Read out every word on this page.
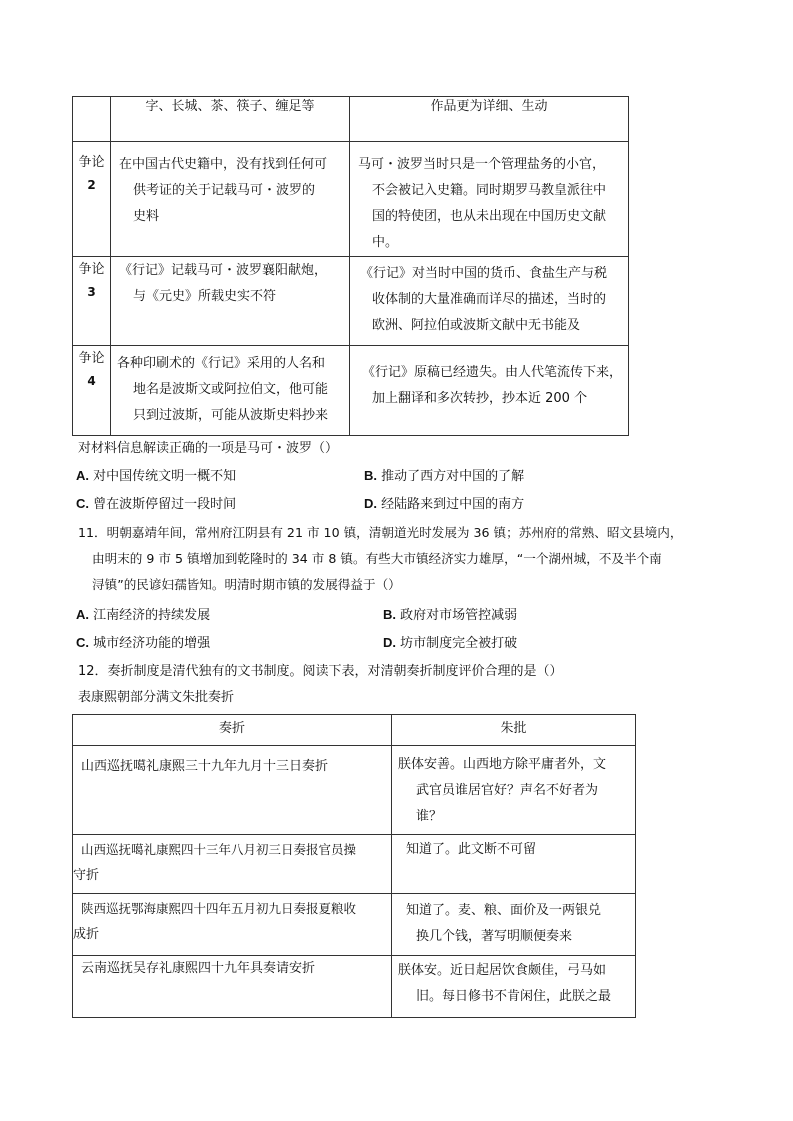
	字、长城、茶、筷子、缠足等	作品更为详细、生动

争论
2	在中国古代史籍中，没有找到任何可
供考证的关于记载马可・波罗的
史料	马可・波罗当时只是一个管理盐务的小官，
不会被记入史籍。同时期罗马教皇派往中
国的特使团，也从未出现在中国历史文献
中。

争论
3	《行记》记载马可・波罗襄阳献炮，
与《元史》所载史实不符	《行记》对当时中国的货币、食盐生产与税
收体制的大量准确而详尽的描述，当时的
欧洲、阿拉伯或波斯文献中无书能及

争论
4	各种印刷术的《行记》采用的人名和
地名是波斯文或阿拉伯文，他可能
只到过波斯，可能从波斯史料抄来	《行记》原稿已经遗失。由人代笔流传下来，
加上翻译和多次转抄，抄本近 200 个
对材料信息解读正确的一项是马可・波罗（）
A. 对中国传统文明一概不知	B. 推动了西方对中国的了解
C. 曾在波斯停留过一段时间	D. 经陆路来到过中国的南方
11．明朝嘉靖年间，常州府江阴县有 21 市 10 镇，清朝道光时发展为 36 镇；苏州府的常熟、昭文县境内，
由明末的 9 市 5 镇增加到乾隆时的 34 市 8 镇。有些大市镇经济实力雄厚，“一个湖州城，不及半个南
浔镇”的民谚妇孺皆知。明清时期市镇的发展得益于（）
A. 江南经济的持续发展	B. 政府对市场管控减弱
C. 城市经济功能的增强	D. 坊市制度完全被打破
12．奏折制度是清代独有的文书制度。阅读下表，对清朝奏折制度评价合理的是（）
表康熙朝部分满文朱批奏折
奏折	朱批

山西巡抚噶礼康熙三十九年九月十三日奏折	朕体安善。山西地方除平庸者外，文
武官员谁居官好？声名不好者为
谁？

山西巡抚噶礼康熙四十三年八月初三日奏报官员操
守折	知道了。此文断不可留

陕西巡抚鄂海康熙四十四年五月初九日奏报夏粮收
成折	知道了。麦、粮、面价及一两银兑
换几个钱，著写明顺便奏来

云南巡抚吴存礼康熙四十九年具奏请安折	朕体安。近日起居饮食颇佳，弓马如
旧。每日修书不肯闲住，此朕之最
